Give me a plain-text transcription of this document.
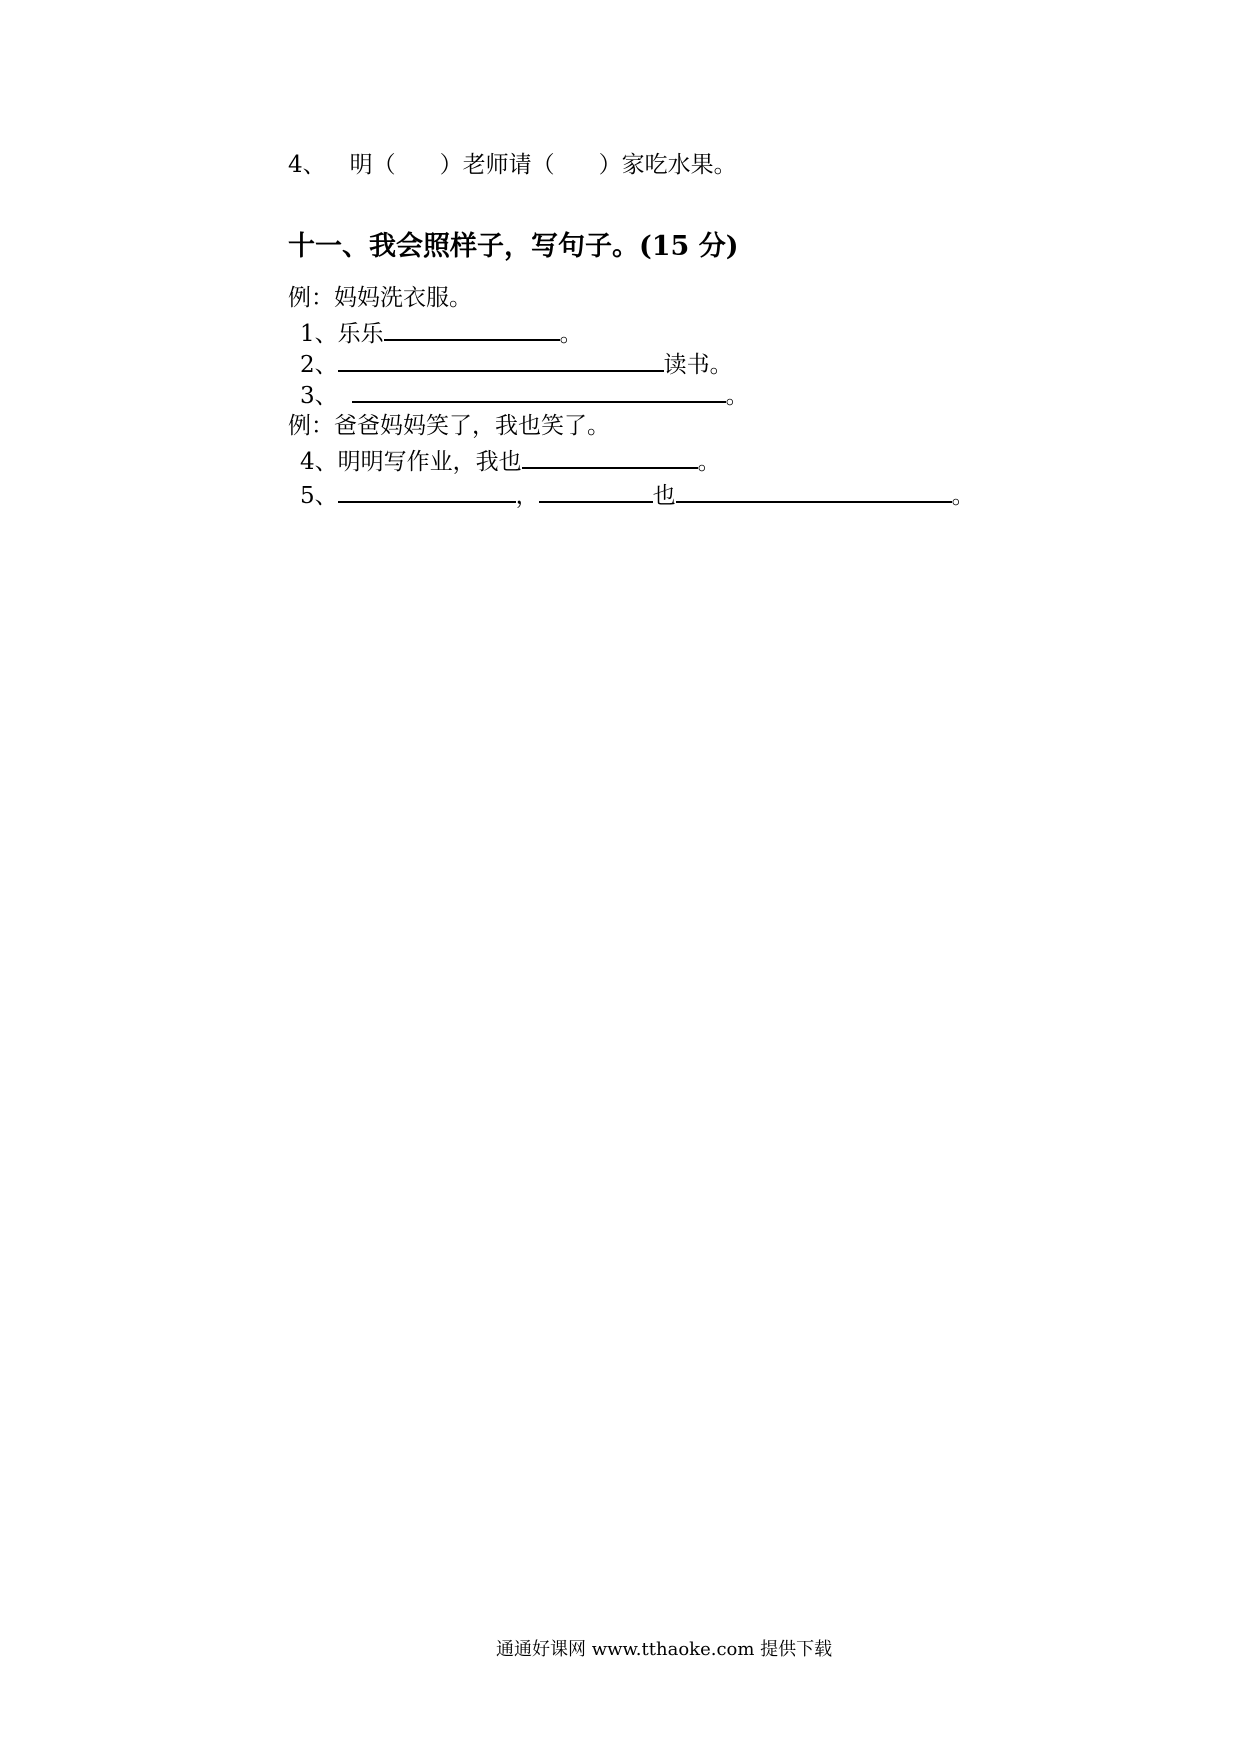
4、 明（ ）老师请（ ）家吃水果。
十一、我会照样子，写句子。(15 分)
例：妈妈洗衣服。
1、乐乐	。
2、	读书。
3、	。
例：爸爸妈妈笑了，我也笑了。
4、明明写作业，我也	。
5、	，	也	。
通通好课网 www.tthaoke.com 提供下载
